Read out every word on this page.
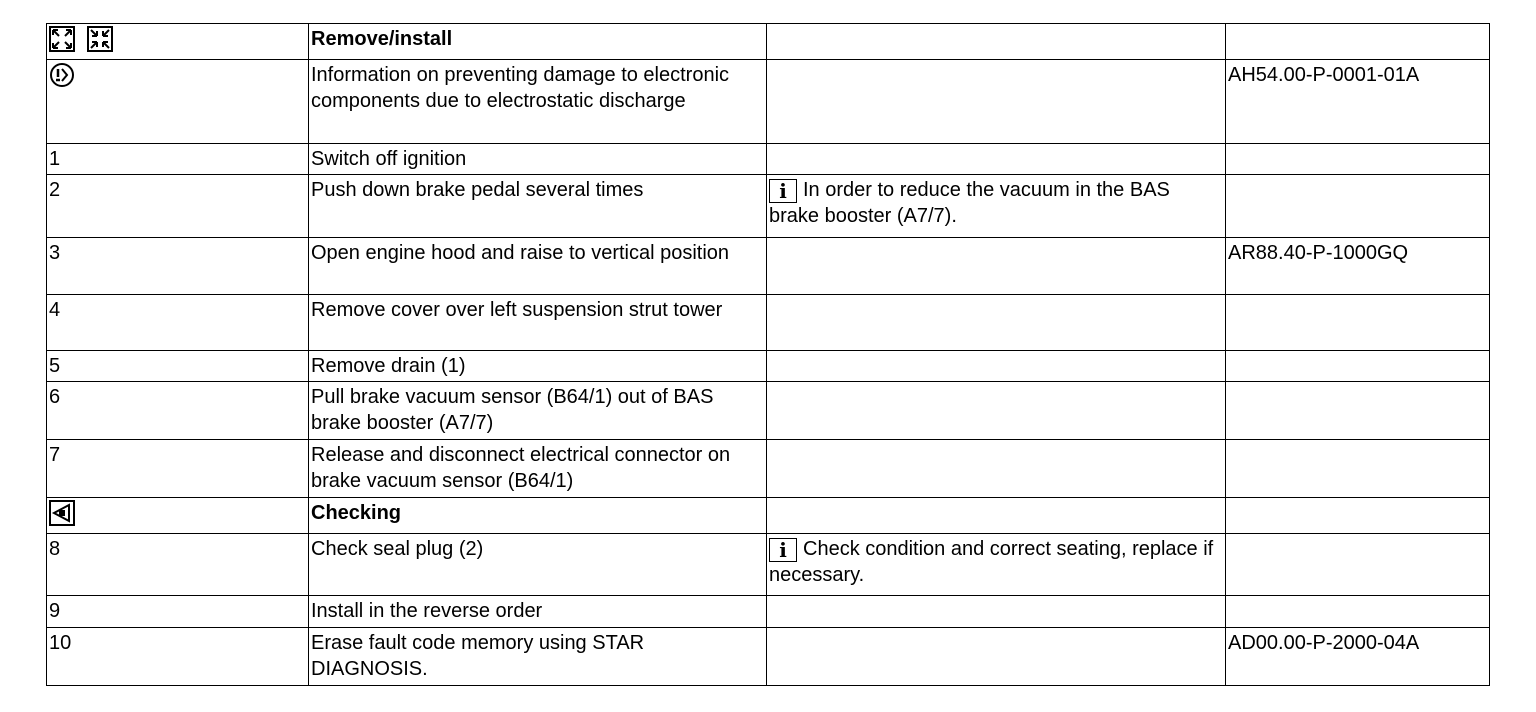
	Remove/install		
	Information on preventing damage to electronic components due to electrostatic discharge		AH54.00-P-0001-01A
1	Switch off ignition		
2	Push down brake pedal several times	i In order to reduce the vacuum in the BAS brake booster (A7/7).	
3	Open engine hood and raise to vertical position		AR88.40-P-1000GQ
4	Remove cover over left suspension strut tower		
5	Remove drain (1)		
6	Pull brake vacuum sensor (B64/1) out of BAS brake booster (A7/7)		
7	Release and disconnect electrical connector on brake vacuum sensor (B64/1)		
	Checking		
8	Check seal plug (2)	i Check condition and correct seating, replace if necessary.	
9	Install in the reverse order		
10	Erase fault code memory using STAR DIAGNOSIS.		AD00.00-P-2000-04A
